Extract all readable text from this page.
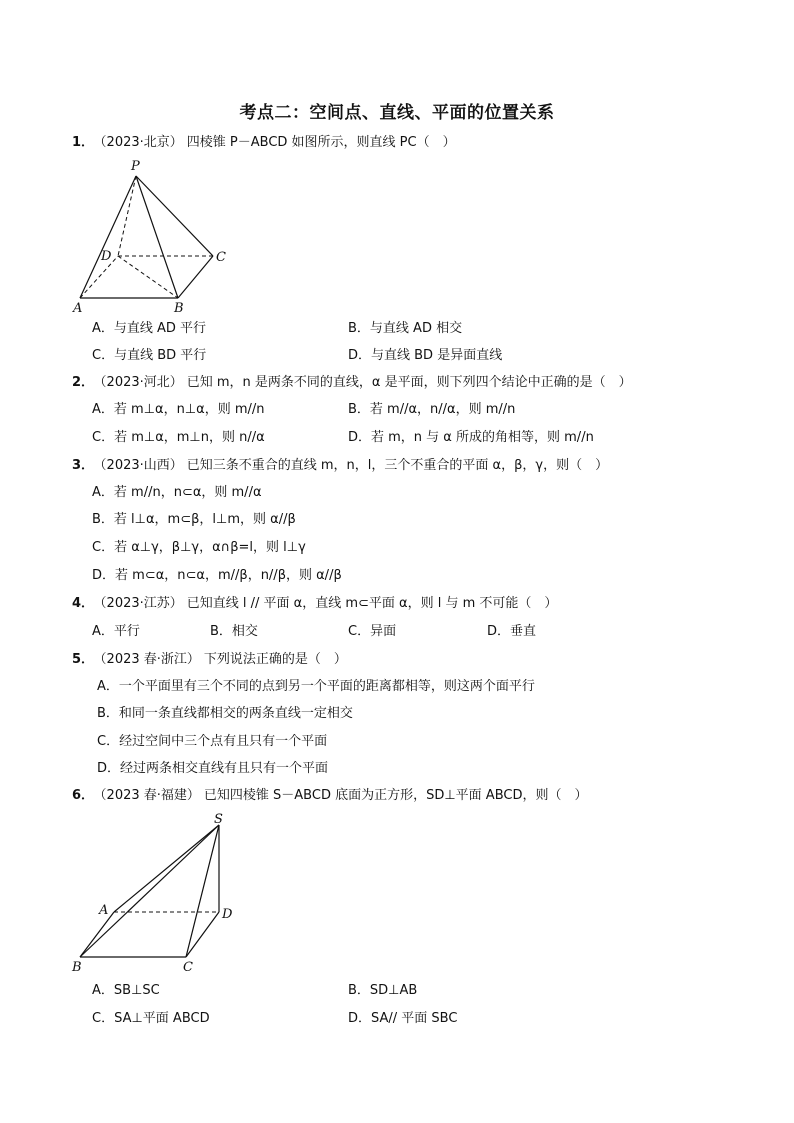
考点二：空间点、直线、平面的位置关系
1． （2023·北京） 四棱锥 P－ABCD 如图所示，则直线 PC（　）
P
D	C
A	B
A．与直线 AD 平行	B．与直线 AD 相交
C．与直线 BD 平行	D．与直线 BD 是异面直线
2． （2023·河北） 已知 m，n 是两条不同的直线，α 是平面，则下列四个结论中正确的是（　）
A．若 m⊥α，n⊥α，则 m//n	B．若 m//α，n//α，则 m//n
C．若 m⊥α，m⊥n，则 n//α	D．若 m，n 与 α 所成的角相等，则 m//n
3． （2023·山西） 已知三条不重合的直线 m，n，l，三个不重合的平面 α，β，γ，则（　）
A．若 m//n，n⊂α，则 m//α
B．若 l⊥α，m⊂β，l⊥m，则 α//β
C．若 α⊥γ，β⊥γ，α∩β=l，则 l⊥γ
D．若 m⊂α，n⊂α，m//β，n//β，则 α//β
4． （2023·江苏） 已知直线 l // 平面 α，直线 m⊂平面 α，则 l 与 m 不可能（　）
A．平行	B．相交	C．异面	D．垂直
5． （2023 春·浙江） 下列说法正确的是（　）
A．一个平面里有三个不同的点到另一个平面的距离都相等，则这两个面平行
B．和同一条直线都相交的两条直线一定相交
C．经过空间中三个点有且只有一个平面
D．经过两条相交直线有且只有一个平面
6． （2023 春·福建） 已知四棱锥 S－ABCD 底面为正方形，SD⊥平面 ABCD，则（　）
S
A	D
B	C
A．SB⊥SC	B．SD⊥AB
C．SA⊥平面 ABCD	D．SA// 平面 SBC
